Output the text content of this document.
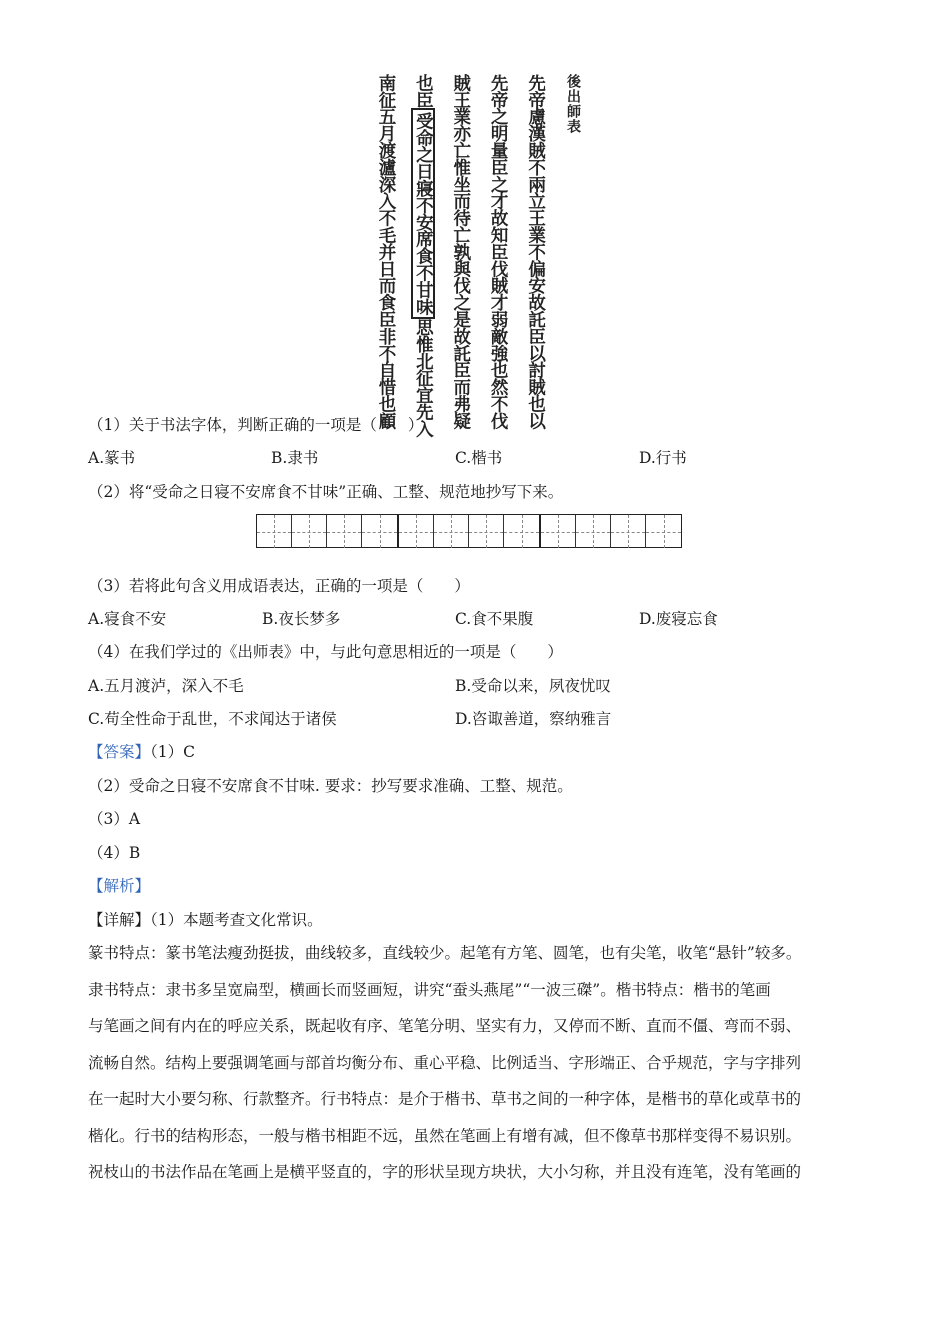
後出師表
先帝慮漢賊不兩立王業不偏安故託臣以討賊也以
先帝之明量臣之才故知臣伐賊才弱敵強也然不伐
賊王業亦亡惟坐而待亡孰與伐之是故託臣而弗疑
也臣受命之日寢不安席食不甘味思惟北征宜先入
南征五月渡瀘深入不毛并日而食臣非不自惜也顧
（1）关于书法字体，判断正确的一项是（　　）
A.篆书	B.隶书	C.楷书	D.行书
（2）将“受命之日寝不安席食不甘味”正确、工整、规范地抄写下来。
（3）若将此句含义用成语表达，正确的一项是（　　）
A.寝食不安	B.夜长梦多	C.食不果腹	D.废寝忘食
（4）在我们学过的《出师表》中，与此句意思相近的一项是（　　）
A.五月渡泸，深入不毛	B.受命以来，夙夜忧叹
C.苟全性命于乱世，不求闻达于诸侯	D.咨诹善道，察纳雅言
【答案】（1）C
（2）受命之日寝不安席食不甘味. 要求：抄写要求准确、工整、规范。
（3）A
（4）B
【解析】
【详解】（1）本题考查文化常识。
篆书特点：篆书笔法瘦劲挺拔，曲线较多，直线较少。起笔有方笔、圆笔，也有尖笔，收笔“悬针”较多。
隶书特点：隶书多呈宽扁型，横画长而竖画短，讲究“蚕头燕尾”“一波三磔”。楷书特点：楷书的笔画
与笔画之间有内在的呼应关系，既起收有序、笔笔分明、坚实有力，又停而不断、直而不僵、弯而不弱、
流畅自然。结构上要强调笔画与部首均衡分布、重心平稳、比例适当、字形端正、合乎规范，字与字排列
在一起时大小要匀称、行款整齐。行书特点：是介于楷书、草书之间的一种字体，是楷书的草化或草书的
楷化。行书的结构形态，一般与楷书相距不远，虽然在笔画上有增有减，但不像草书那样变得不易识别。
祝枝山的书法作品在笔画上是横平竖直的，字的形状呈现方块状，大小匀称，并且没有连笔，没有笔画的
